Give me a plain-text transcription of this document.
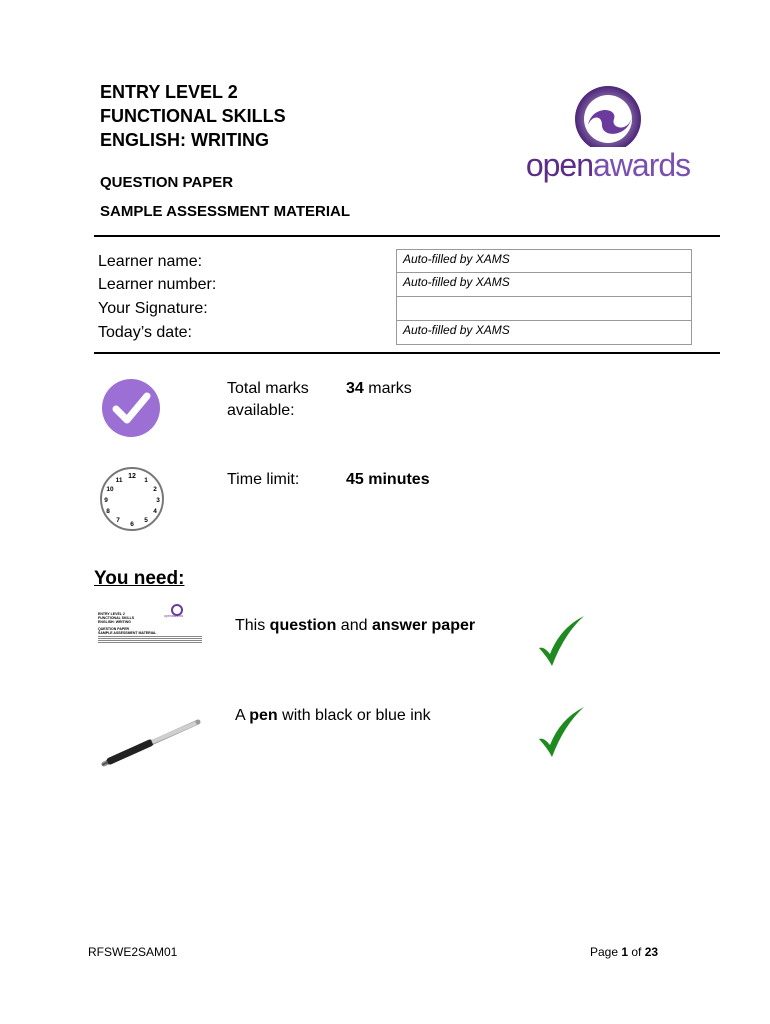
ENTRY LEVEL 2
FUNCTIONAL SKILLS
ENGLISH: WRITING
QUESTION PAPER
SAMPLE ASSESSMENT MATERIAL
openawards
Learner name:	Auto-filled by XAMS
Learner number:	Auto-filled by XAMS
Your Signature:	
Today’s date:	Auto-filled by XAMS
Total marks
available:
34 marks
12
1
2
3
4
5
6
7
8
9
10
11	Time limit:	45 minutes
You need:
ENTRY LEVEL 2
FUNCTIONAL SKILLS
ENGLISH: WRITING
QUESTION PAPER
SAMPLE ASSESSMENT MATERIAL
openawards
This question and answer paper
A pen with black or blue ink
RFSWE2SAM01	Page 1 of 23
